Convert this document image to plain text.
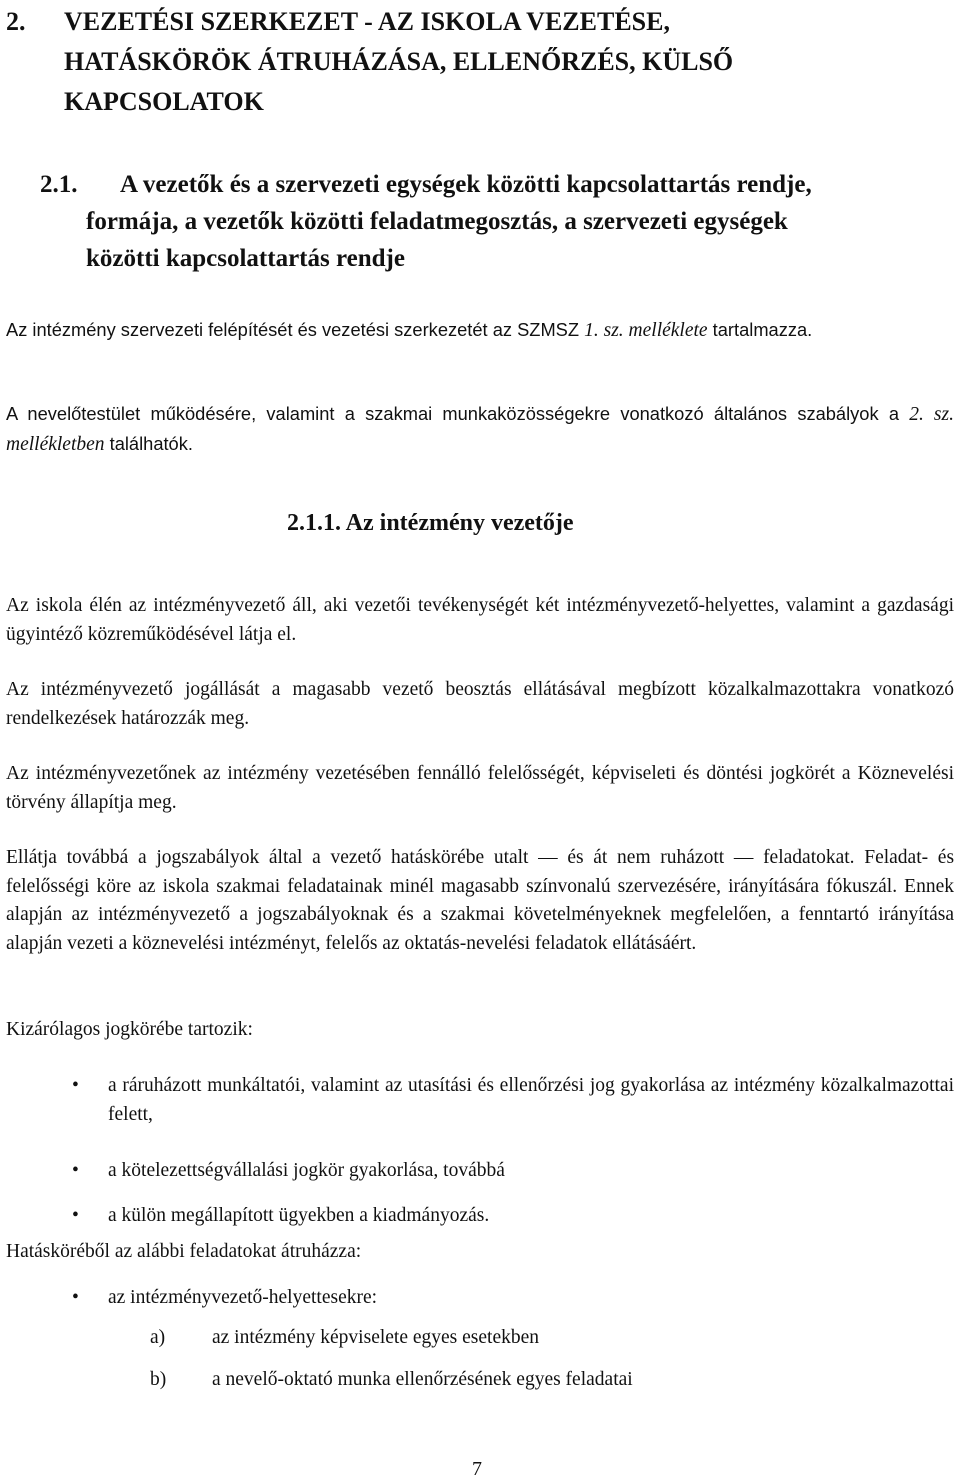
2. VEZETÉSI SZERKEZET - AZ ISKOLA VEZETÉSE,
HATÁSKÖRÖK ÁTRUHÁZÁSA, ELLENŐRZÉS, KÜLSŐ
KAPCSOLATOK
2.1. A vezetők és a szervezeti egységek közötti kapcsolattartás rendje,
formája, a vezetők közötti feladatmegosztás, a szervezeti egységek
közötti kapcsolattartás rendje

Az intézmény szervezeti felépítését és vezetési szerkezetét az SZMSZ 1. sz. melléklete tartalmazza.

A nevelőtestület működésére, valamint a szakmai munkaközösségekre vonatkozó általános szabályok a 2. sz. mellékletben találhatók.

2.1.1. Az intézmény vezetője

Az iskola élén az intézményvezető áll, aki vezetői tevékenységét két intézményvezető-helyettes, valamint a gazdasági ügyintéző közreműködésével látja el.

Az intézményvezető jogállását a magasabb vezető beosztás ellátásával megbízott közalkalmazottakra vonatkozó rendelkezések határozzák meg.

Az intézményvezetőnek az intézmény vezetésében fennálló felelősségét, képviseleti és döntési jogkörét a Köznevelési törvény állapítja meg.

Ellátja továbbá a jogszabályok által a vezető hatáskörébe utalt — és át nem ruházott — feladatokat. Feladat- és felelősségi köre az iskola szakmai feladatainak minél magasabb színvonalú szervezésére, irányítására fókuszál. Ennek alapján az intézményvezető a jogszabályoknak és a szakmai követelményeknek megfelelően, a fenntartó irányítása alapján vezeti a köznevelési intézményt, felelős az oktatás-nevelési feladatok ellátásáért.

Kizárólagos jogkörébe tartozik:

• a ráruházott munkáltatói, valamint az utasítási és ellenőrzési jog gyakorlása az intézmény közalkalmazottai felett,
• a kötelezettségvállalási jogkör gyakorlása, továbbá
• a külön megállapított ügyekben a kiadmányozás.

Hatásköréből az alábbi feladatokat átruházza:

• az intézményvezető-helyettesekre:
a) az intézmény képviselete egyes esetekben
b) a nevelő-oktató munka ellenőrzésének egyes feladatai
7
